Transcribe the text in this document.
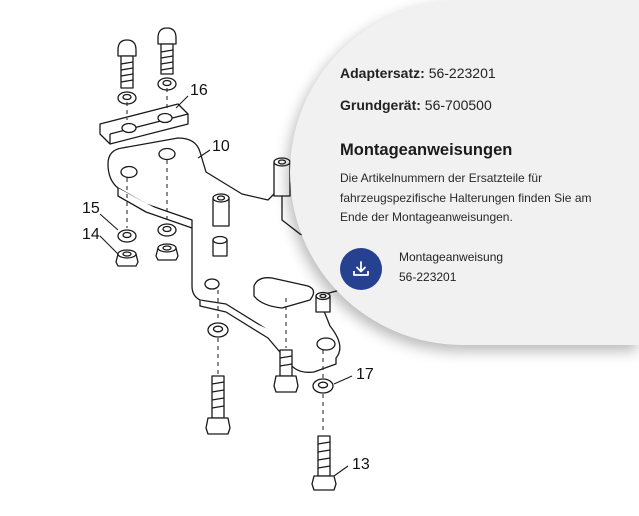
16
10
15
14
17
13

Adaptersatz: 56-223201

Grundgerät: 56-700500

Montageanweisungen
Die Artikelnummern der Ersatzteile für fahrzeugspezifische Halterungen finden Sie am Ende der Montageanweisungen.
Montageanweisung
56-223201
